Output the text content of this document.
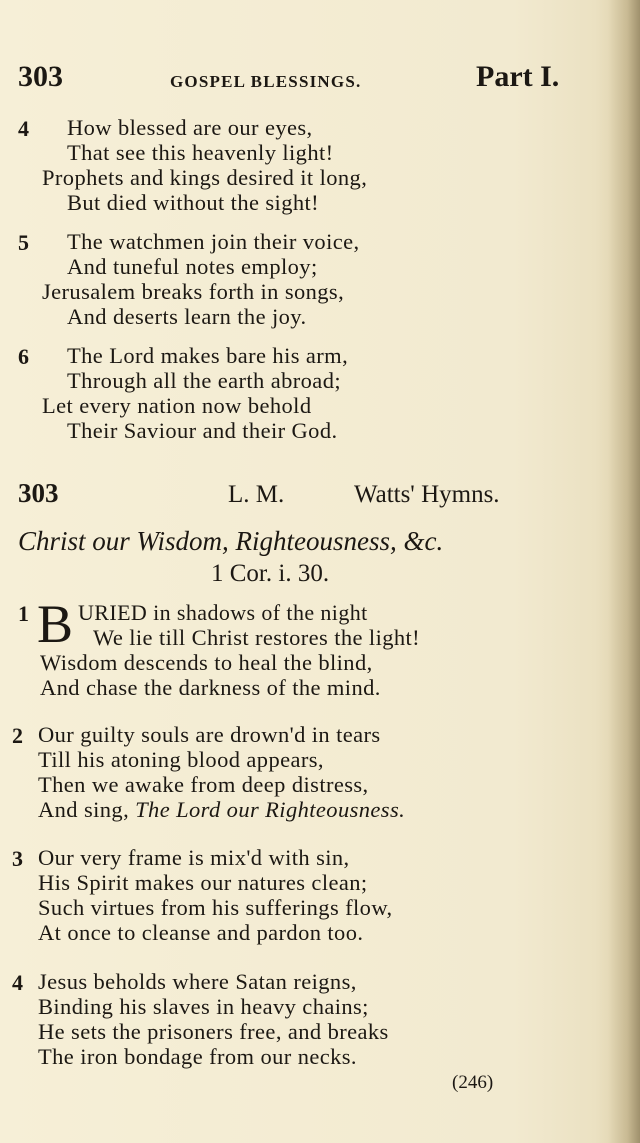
303	GOSPEL BLESSINGS.	Part I.
4 How blessed are our eyes,
That see this heavenly light!
Prophets and kings desired it long,
But died without the sight!
5 The watchmen join their voice,
And tuneful notes employ;
Jerusalem breaks forth in songs,
And deserts learn the joy.
6 The Lord makes bare his arm,
Through all the earth abroad;
Let every nation now behold
Their Saviour and their God.
303	L. M.	Watts' Hymns.
Christ our Wisdom, Righteousness, &c.
1 Cor. i. 30.
1 B URIED in shadows of the night
We lie till Christ restores the light!
Wisdom descends to heal the blind,
And chase the darkness of the mind.
2 Our guilty souls are drown'd in tears
Till his atoning blood appears,
Then we awake from deep distress,
And sing, The Lord our Righteousness.
3 Our very frame is mix'd with sin,
His Spirit makes our natures clean;
Such virtues from his sufferings flow,
At once to cleanse and pardon too.
4 Jesus beholds where Satan reigns,
Binding his slaves in heavy chains;
He sets the prisoners free, and breaks
The iron bondage from our necks.
(246)
